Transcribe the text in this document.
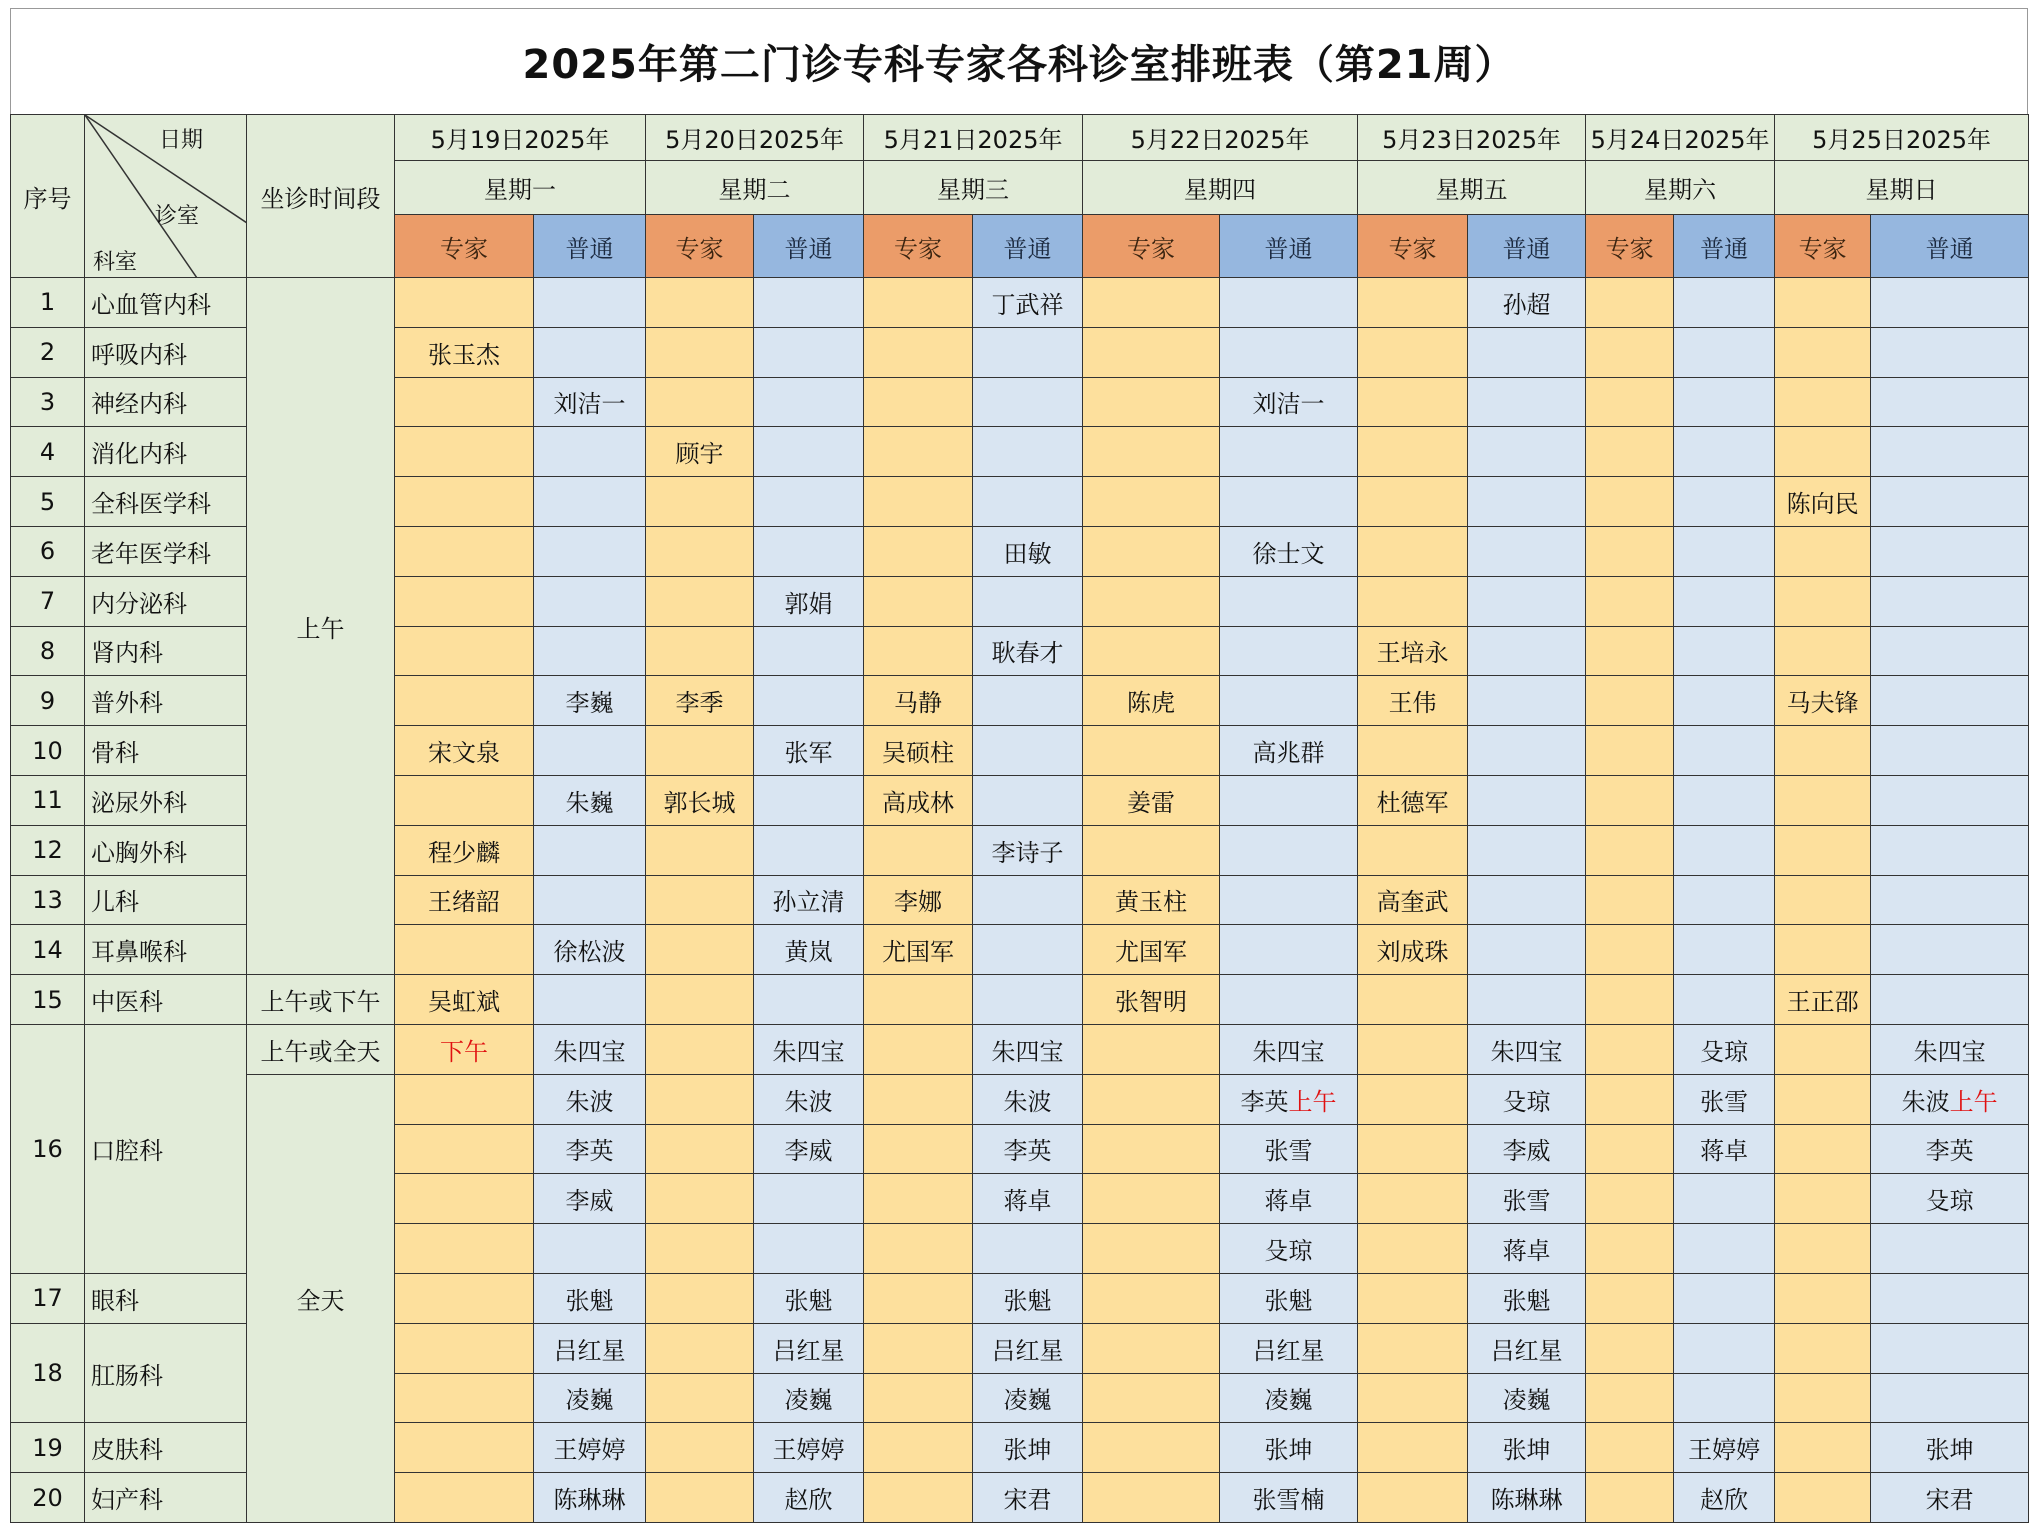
2025年第二门诊专科专家各科诊室排班表（第21周）
序号	日期
诊室
科室	坐诊时间段	5月19日2025年		5月20日2025年		5月21日2025年		5月22日2025年		5月23日2025年		5月24日2025年		5月25日2025年	
			星期一		星期二		星期三		星期四		星期五		星期六		星期日	
			专家	普通	专家	普通	专家	普通	专家	普通	专家	普通	专家	普通	专家	普通
1	心血管内科	上午						丁武祥				孙超				
2	呼吸内科		张玉杰													
3	神经内科			刘洁一						刘洁一						
4	消化内科				顾宇											
5	全科医学科														陈向民	
6	老年医学科							田敏		徐士文						
7	内分泌科					郭娟										
8	肾内科							耿春才			王培永					
9	普外科			李巍	李季		马静		陈虎		王伟				马夫锋	
10	骨科		宋文泉			张军	吴硕柱			高兆群						
11	泌尿外科			朱巍	郭长城		高成林		姜雷		杜德军					
12	心胸外科		程少麟					李诗子								
13	儿科		王绪韶			孙立清	李娜		黄玉柱		高奎武					
14	耳鼻喉科			徐松波		黄岚	尤国军		尤国军		刘成珠					
15	中医科	上午或下午	吴虹斌						张智明						王正邵	
16	口腔科	上午或全天	下午	朱四宝		朱四宝		朱四宝		朱四宝		朱四宝		殳琼		朱四宝
		全天		朱波		朱波		朱波		李英上午		殳琼		张雪		朱波上午
				李英		李威		李英		张雪		李威		蒋卓		李英
				李威				蒋卓		蒋卓		张雪				殳琼
										殳琼		蒋卓				
17	眼科			张魁		张魁		张魁		张魁		张魁				
18	肛肠科			吕红星		吕红星		吕红星		吕红星		吕红星				
				凌巍		凌巍		凌巍		凌巍		凌巍				
19	皮肤科			王婷婷		王婷婷		张坤		张坤		张坤		王婷婷		张坤
20	妇产科			陈琳琳		赵欣		宋君		张雪楠		陈琳琳		赵欣		宋君
